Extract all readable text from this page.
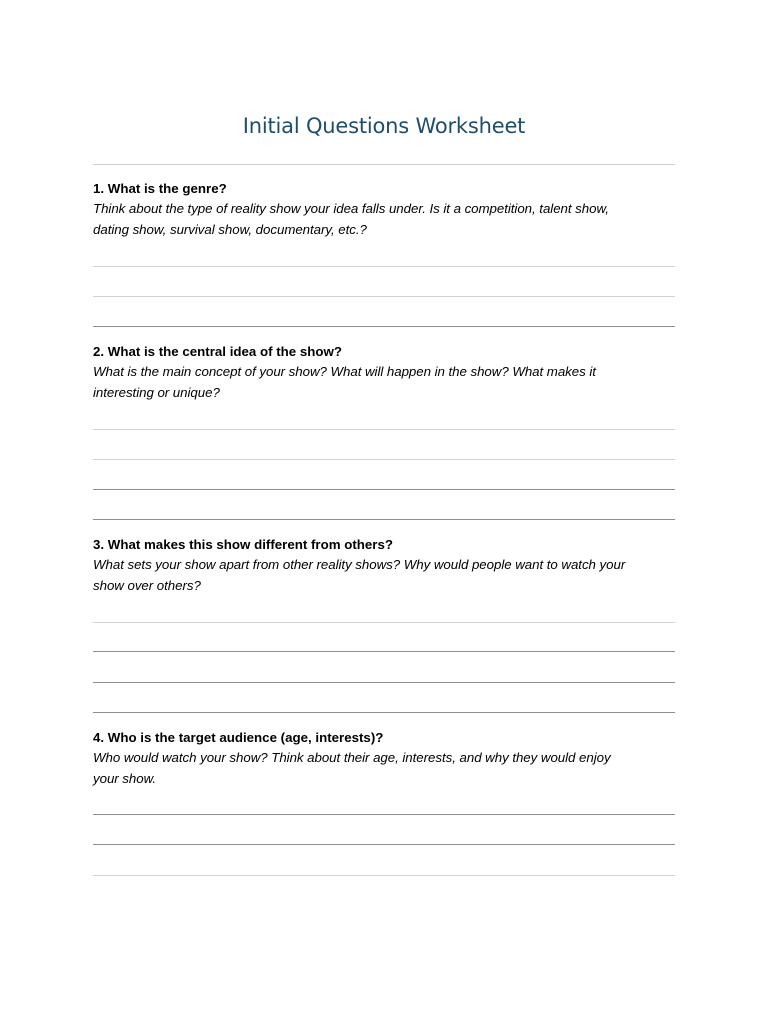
Initial Questions Worksheet

1. What is the genre?

Think about the type of reality show your idea falls under. Is it a competition, talent show,

dating show, survival show, documentary, etc.?

2. What is the central idea of the show?

What is the main concept of your show? What will happen in the show? What makes it

interesting or unique?

3. What makes this show different from others?

What sets your show apart from other reality shows? Why would people want to watch your

show over others?

4. Who is the target audience (age, interests)?

Who would watch your show? Think about their age, interests, and why they would enjoy

your show.
